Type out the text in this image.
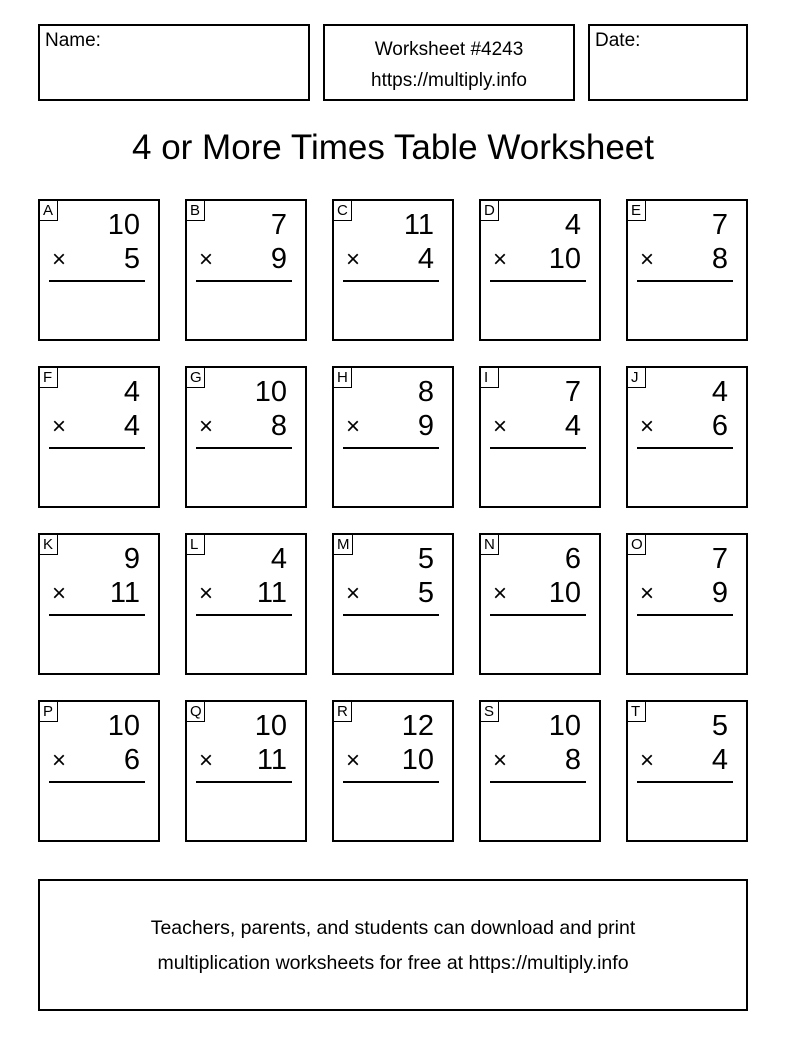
Name:	Worksheet #4243
https://multiply.info
Date:
4 or More Times Table Worksheet
A 10
× 5
B 7
× 9
C 11
× 4
D 4
× 10
E 7
× 8
F 4
× 4
G 10
× 8
H 8
× 9
I	7
× 4
J	4
× 6
K 9
× 11
L	4
× 11
M 5
× 5
N 6
× 10
O 7
× 9
P 10
× 6
Q 10
× 11
R 12
× 10
S 10
× 8
T 5
× 4
Teachers, parents, and students can download and print
multiplication worksheets for free at https://multiply.info
